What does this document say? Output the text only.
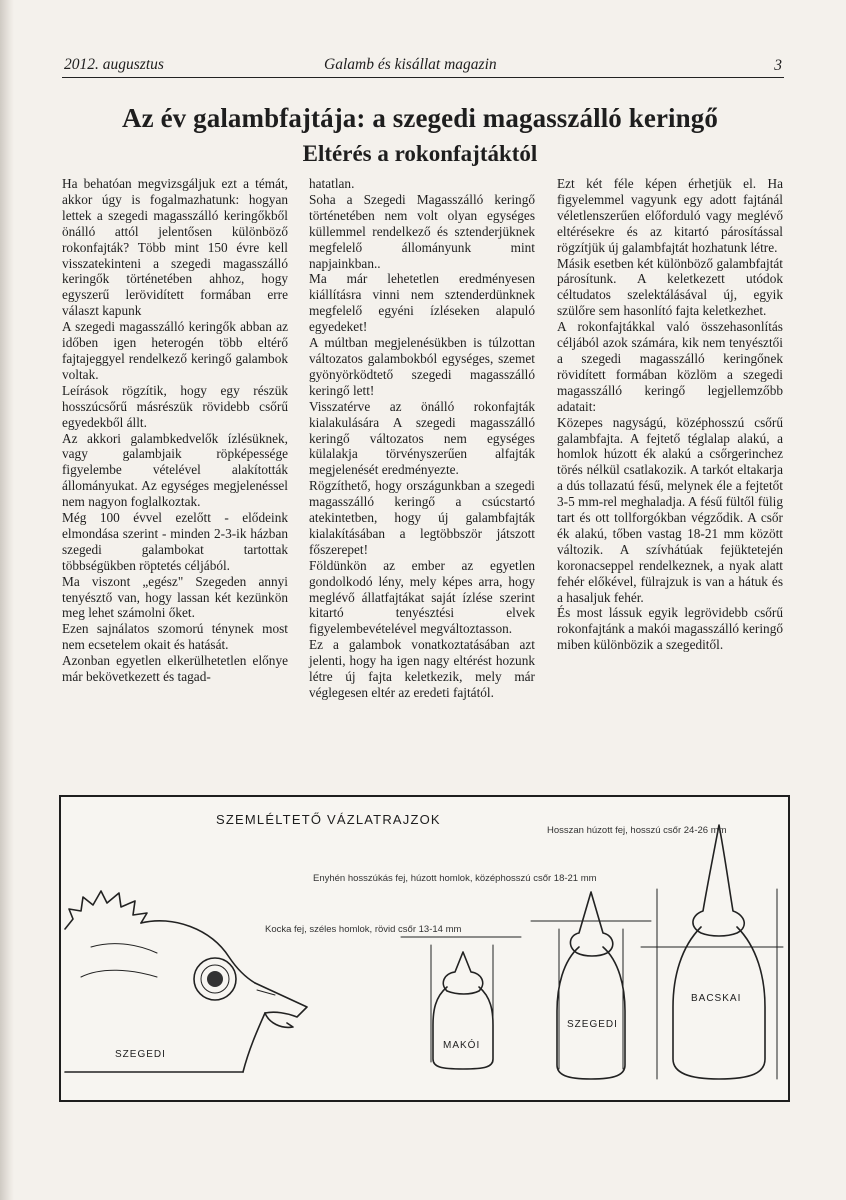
2012. augusztus	Galamb és kisállat magazin	3
Az év galambfajtája: a szegedi magasszálló keringő
Eltérés a rokonfajtáktól

Ha behatóan megvizsgáljuk ezt a témát, akkor úgy is fogalmazhatunk: hogyan lettek a szegedi magasszálló keringőkből önálló attól jelentősen különböző rokonfajták? Több mint 150 évre kell visszatekinteni a szegedi magasszálló keringők történetében ahhoz, hogy egyszerű lerövidített formában erre választ kapunk

A szegedi magasszálló keringők abban az időben igen heterogén több eltérő fajtajeggyel rendelkező keringő galambok voltak.

Leírások rögzítik, hogy egy részük hosszúcsőrű másrészük rövidebb csőrű egyedekből állt.

Az akkori galambkedvelők ízlésüknek, vagy galambjaik röpképessége figyelembe vételével alakították állományukat. Az egységes megjelenéssel nem nagyon foglalkoztak.

Még 100 évvel ezelőtt - elődeink elmondása szerint - minden 2-3-ik házban szegedi galambokat tartottak többségükben röptetés céljából.

Ma viszont „egész" Szegeden annyi tenyésztő van, hogy lassan két kezünkön meg lehet számolni őket.

Ezen sajnálatos szomorú ténynek most nem ecsetelem okait és hatását.

Azonban egyetlen elkerülhetetlen előnye már bekövetkezett és tagad-

hatatlan.

Soha a Szegedi Magasszálló keringő történetében nem volt olyan egységes küllemmel rendelkező és sztenderjüknek megfelelő állományunk mint napjainkban..

Ma már lehetetlen eredményesen kiállításra vinni nem sztenderdünknek megfelelő egyéni ízléseken alapuló egyedeket!

A múltban megjelenésükben is túlzottan változatos galambokból egységes, szemet gyönyörködtető szegedi magasszálló keringő lett!

Visszatérve az önálló rokonfajták kialakulására A szegedi magasszálló keringő változatos nem egységes külalakja törvényszerűen alfajták megjelenését eredményezte.

Rögzíthető, hogy országunkban a szegedi magasszálló keringő a csúcstartó atekintetben, hogy új galambfajták kialakításában a legtöbbször játszott főszerepet!

Földünkön az ember az egyetlen gondolkodó lény, mely képes arra, hogy meglévő állatfajtákat saját ízlése szerint kitartó tenyésztési elvek figyelembevételével megváltoztasson.

Ez a galambok vonatkoztatásában azt jelenti, hogy ha igen nagy eltérést hozunk létre új fajta keletkezik, mely már véglegesen eltér az eredeti fajtától.

Ezt két féle képen érhetjük el. Ha figyelemmel vagyunk egy adott fajtánál véletlenszerűen előforduló vagy meglévő eltérésekre és az kitartó párosítással rögzítjük új galambfajtát hozhatunk létre.

Másik esetben két különböző galambfajtát párosítunk. A keletkezett utódok céltudatos szelektálásával új, egyik szülőre sem hasonlító fajta keletkezhet.

A rokonfajtákkal való összehasonlítás céljából azok számára, kik nem tenyésztői a szegedi magasszálló keringőnek rövidített formában közlöm a szegedi magasszálló keringő legjellemzőbb adatait:

Közepes nagyságú, középhosszú csőrű galambfajta. A fejtető téglalap alakú, a homlok húzott ék alakú a csőrgerinchez törés nélkül csatlakozik. A tarkót eltakarja a dús tollazatú fésű, melynek éle a fejtetőt 3-5 mm-rel meghaladja. A fésű fültől fülig tart és ott tollforgókban végződik. A csőr ék alakú, tőben vastag 18-21 mm között változik. A szívhátúak fejüktetején koronacseppel rendelkeznek, a nyak alatt fehér előkével, fülrajzuk is van a hátuk és a hasaljuk fehér.

És most lássuk egyik legrövidebb csőrű rokonfajtánk a makói magasszálló keringő miben különbözik a szegeditől.

SZEMLÉLTETŐ VÁZLATRAJZOK
Hosszan húzott fej, hosszú csőr 24-26 mm
Enyhén hosszúkás fej, húzott homlok, középhosszú csőr 18-21 mm
Kocka fej, széles homlok, rövid csőr 13-14 mm
SZEGEDI
MAKÓI
SZEGEDI
BACSKAI
